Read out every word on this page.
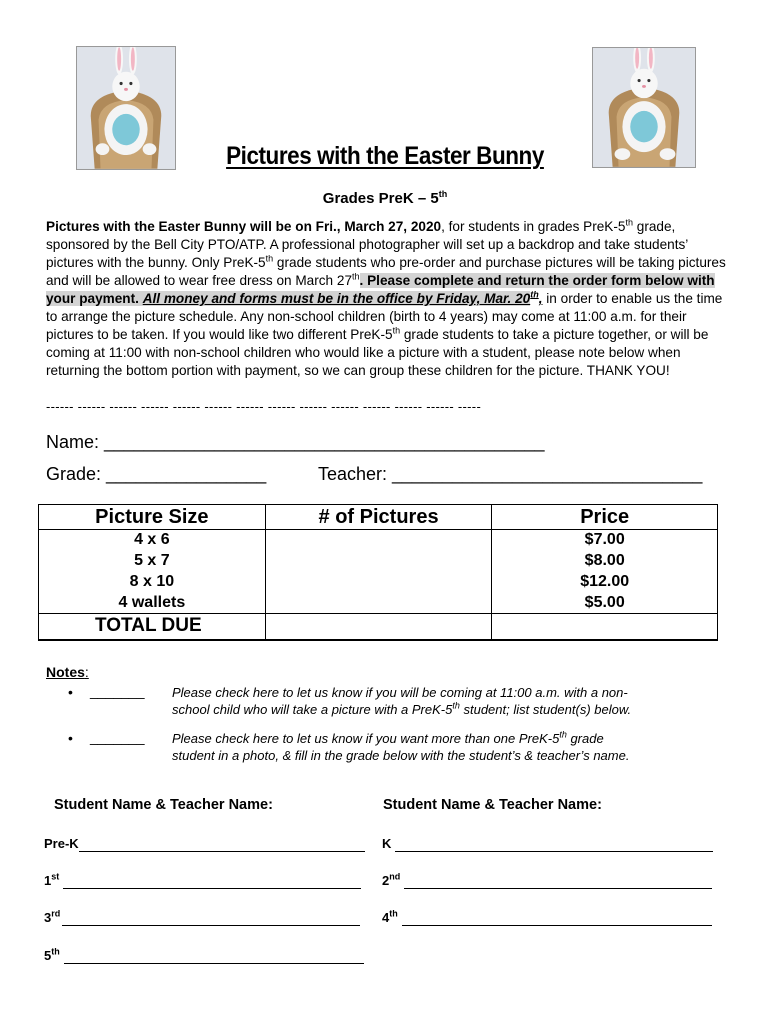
Pictures with the Easter Bunny
Grades PreK – 5th
Pictures with the Easter Bunny will be on Fri., March 27, 2020, for students in grades PreK-5th grade, sponsored by the Bell City PTO/ATP. A professional photographer will set up a backdrop and take students’ pictures with the bunny. Only PreK-5th grade students who pre-order and purchase pictures will be taking pictures and will be allowed to wear free dress on March 27th. Please complete and return the order form below with your payment. All money and forms must be in the office by Friday, Mar. 20th, in order to enable us the time to arrange the picture schedule. Any non-school children (birth to 4 years) may come at 11:00 a.m. for their pictures to be taken. If you would like two different PreK-5th grade students to take a picture together, or will be coming at 11:00 with non-school children who would like a picture with a student, please note below when returning the bottom portion with payment, so we can group these children for the picture. THANK YOU!
------ ------ ------ ------ ------ ------ ------ ------ ------ ------ ------ ------ ------ -----
Name: ____________________________________________
Grade: ________________	Teacher: _______________________________
Picture Size	# of Pictures	Price
4 x 6		$7.00
5 x 7		$8.00
8 x 10		$12.00
4 wallets		$5.00
TOTAL DUE		
Notes:
• _______ Please check here to let us know if you will be coming at 11:00 a.m. with a non-
school child who will take a picture with a PreK-5th student; list student(s) below.
• _______ Please check here to let us know if you want more than one PreK-5th grade
student in a photo, & fill in the grade below with the student’s & teacher’s name.
Student Name & Teacher Name:	Student Name & Teacher Name:
Pre-K	K
1st	2nd
3rd	4th
5th
